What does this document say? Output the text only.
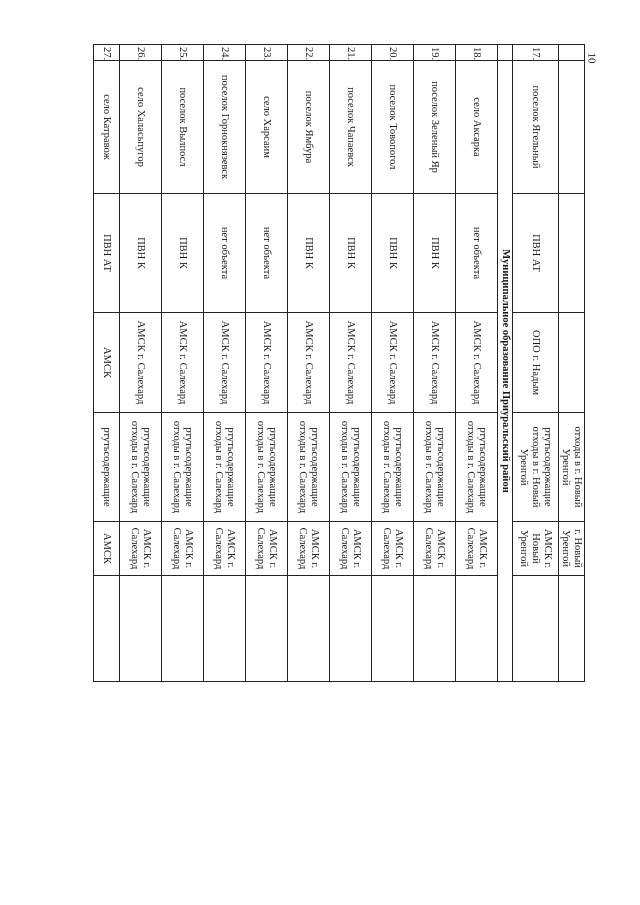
10
				отходы в г. Новый Уренгой	г. Новый Уренгой	
17.	поселок Ягельный	ПВН АТ	ОПО г. Надым	ртутьсодержащие отходы в г. Новый Уренгой	АМСК г. Новый Уренгой	
	Муниципальное образование Приуральский район					
18.	село Аксарка	нет объекта	АМСК г. Салехард	ртутьсодержащие отходы в г. Салехард	АМСК г. Салехард	
19.	поселок Зеленый Яр	ПВН К	АМСК г. Салехард	ртутьсодержащие отходы в г. Салехард	АМСК г. Салехард	
20.	поселок Товопогол	ПВН К	АМСК г. Салехард	ртутьсодержащие отходы в г. Салехард	АМСК г. Салехард	
21.	поселок Чапаевск	ПВН К	АМСК г. Салехард	ртутьсодержащие отходы в г. Салехард	АМСК г. Салехард	
22.	поселок Ямбура	ПВН К	АМСК г. Салехард	ртутьсодержащие отходы в г. Салехард	АМСК г. Салехард	
23.	село Харсаим	нет объекта	АМСК г. Салехард	ртутьсодержащие отходы в г. Салехард	АМСК г. Салехард	
24.	поселок Горнокнязевск	нет объекта	АМСК г. Салехард	ртутьсодержащие отходы в г. Салехард	АМСК г. Салехард	
25.	поселок Вылпосл	ПВН К	АМСК г. Салехард	ртутьсодержащие отходы в г. Салехард	АМСК г. Салехард	
26.	село Халасьпугор	ПВН К	АМСК г. Салехард	ртутьсодержащие отходы в г. Салехард	АМСК г. Салехард	
27.	село Катравож	ПВН АТ	АМСК	ртутьсодержащие	АМСК	
